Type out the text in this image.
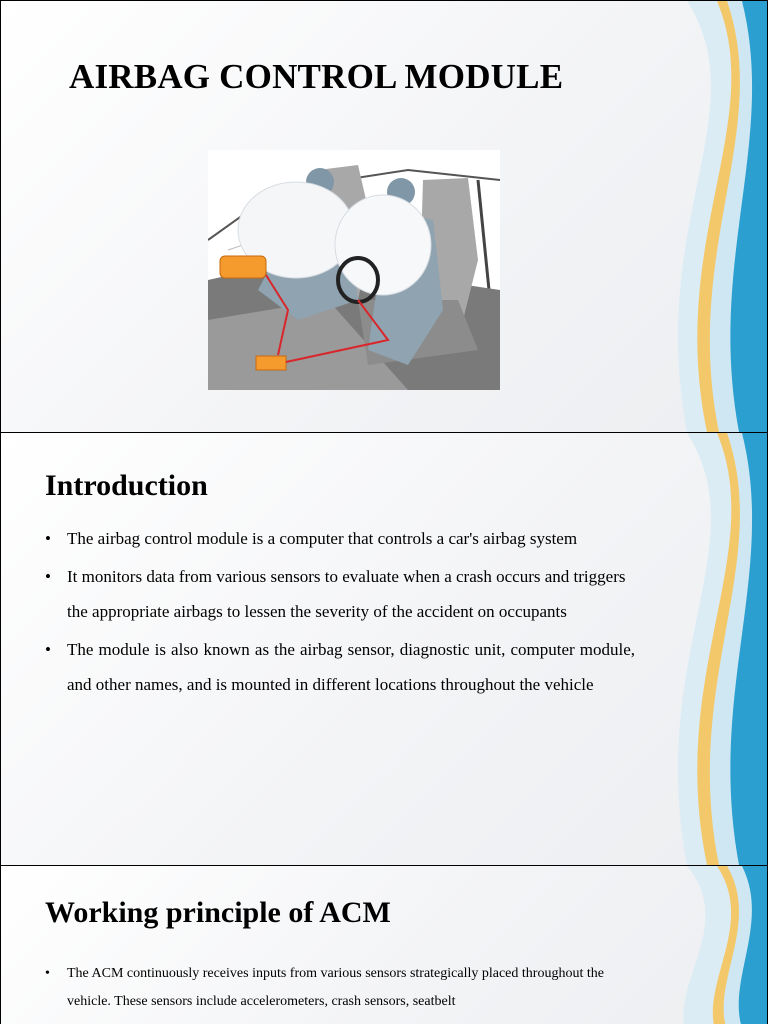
AIRBAG CONTROL MODULE
Introduction
• The airbag control module is a computer that controls a car's airbag system
• It monitors data from various sensors to evaluate when a crash occurs and triggers the appropriate airbags to lessen the severity of the accident on occupants
• The module is also known as the airbag sensor, diagnostic unit, computer module, and other names, and is mounted in different locations throughout the vehicle
Working principle of ACM
• The ACM continuously receives inputs from various sensors strategically placed throughout the vehicle. These sensors include accelerometers, crash sensors, seatbelt
